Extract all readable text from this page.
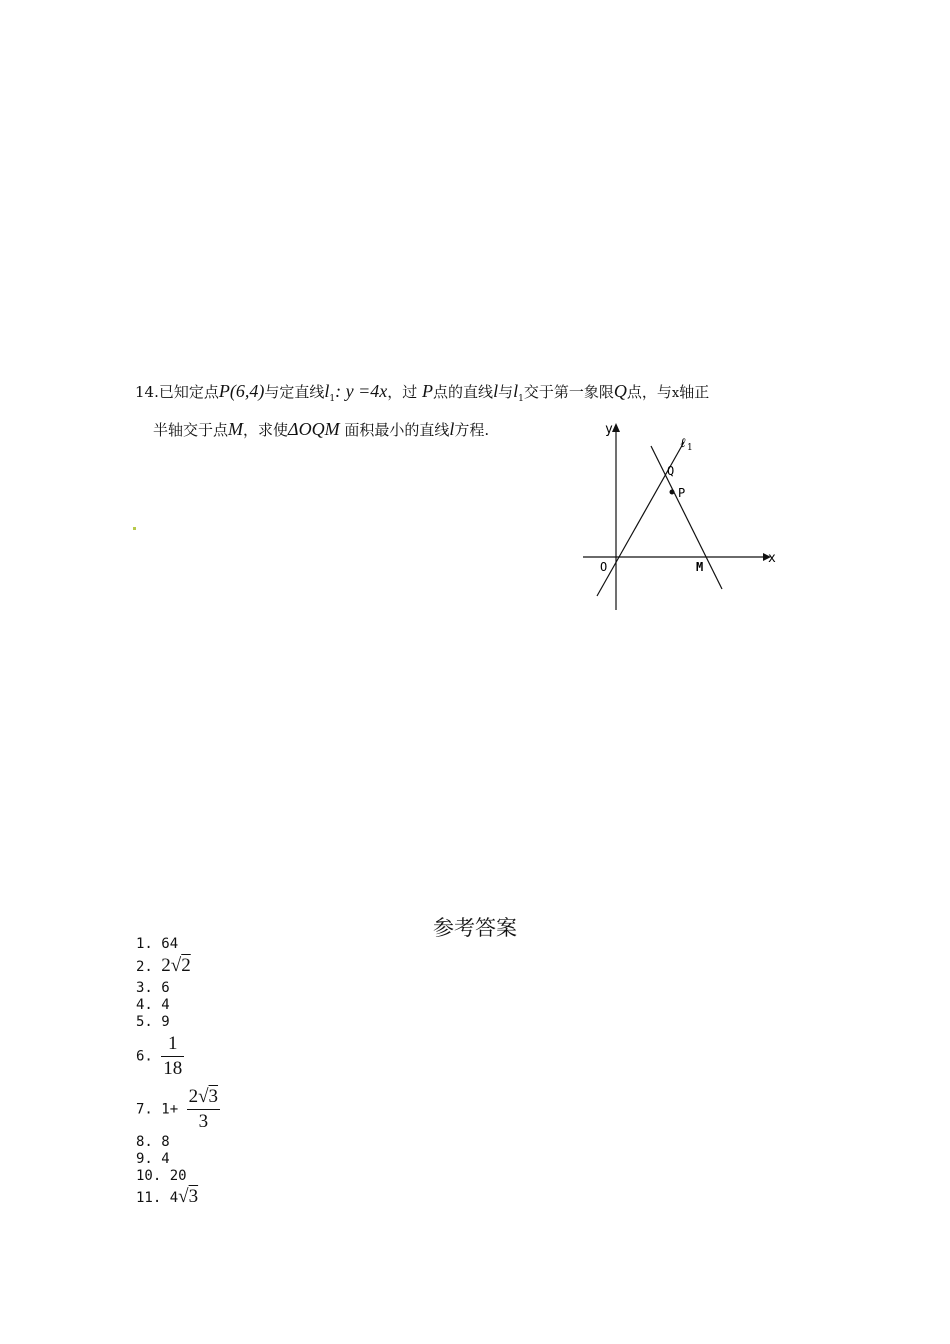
14.已知定点P(6,4)与定直线$l_1$: y =4x，过 P点的直线l与$l_1$交于第一象限Q点，与x轴正
半轴交于点M，求使ΔOQM 面积最小的直线l方程.	y
x
O	M
Q
P
ℓ 1
参考答案
1. 64
2. 2√2
3. 6
4. 4
5. 9
6. $\frac{1}{18}$
7. $1+ \frac{2√3}{3}$
8. 8
9. 4
10. 20
11. 4√3
